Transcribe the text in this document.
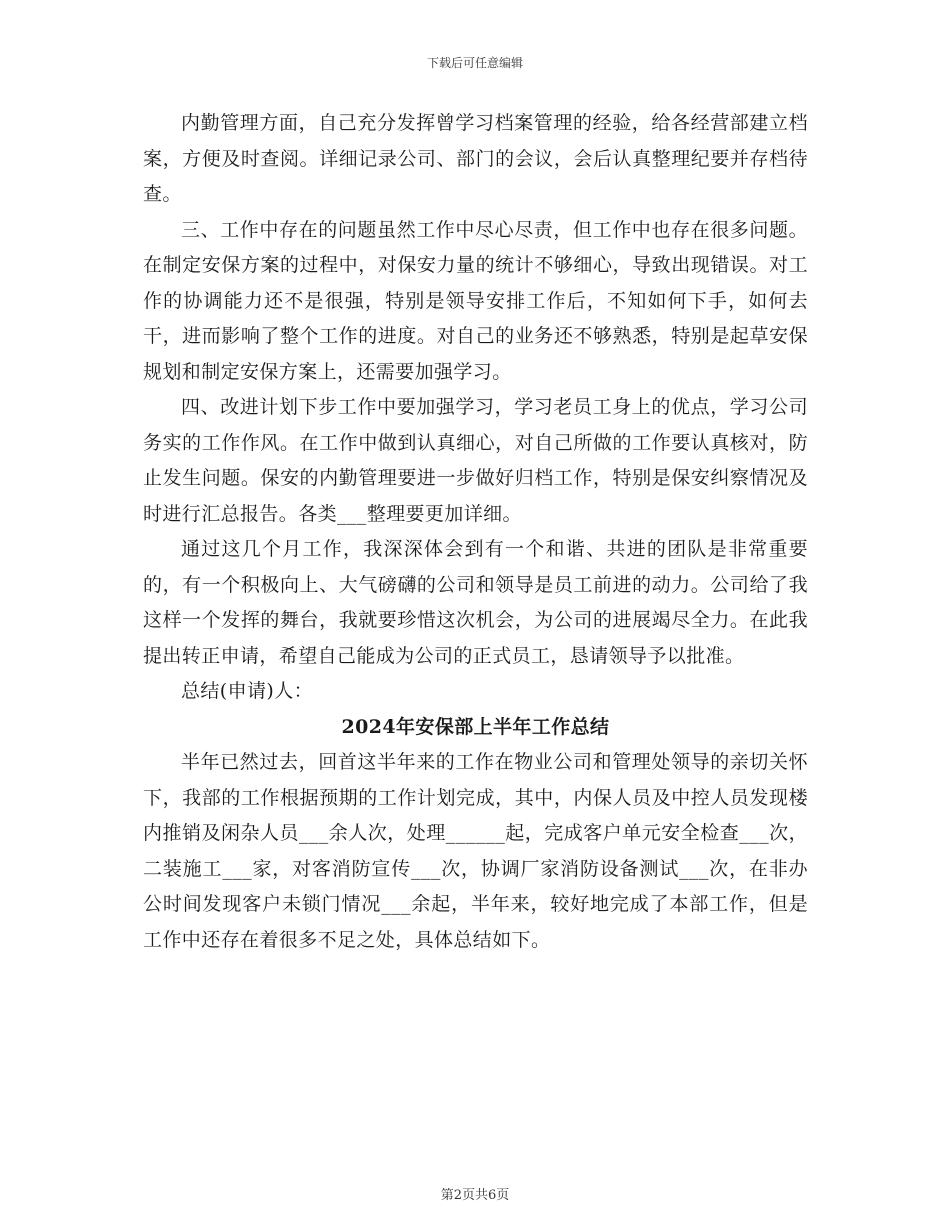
下载后可任意编辑

内勤管理方面，自己充分发挥曾学习档案管理的经验，给各经营部建立档案，方便及时查阅。详细记录公司、部门的会议，会后认真整理纪要并存档待查。

三、工作中存在的问题虽然工作中尽心尽责，但工作中也存在很多问题。在制定安保方案的过程中，对保安力量的统计不够细心，导致出现错误。对工作的协调能力还不是很强，特别是领导安排工作后，不知如何下手，如何去干，进而影响了整个工作的进度。对自己的业务还不够熟悉，特别是起草安保规划和制定安保方案上，还需要加强学习。

四、改进计划下步工作中要加强学习，学习老员工身上的优点，学习公司务实的工作作风。在工作中做到认真细心，对自己所做的工作要认真核对，防止发生问题。保安的内勤管理要进一步做好归档工作，特别是保安纠察情况及时进行汇总报告。各类___整理要更加详细。

通过这几个月工作，我深深体会到有一个和谐、共进的团队是非常重要的，有一个积极向上、大气磅礴的公司和领导是员工前进的动力。公司给了我这样一个发挥的舞台，我就要珍惜这次机会，为公司的进展竭尽全力。在此我提出转正申请，希望自己能成为公司的正式员工，恳请领导予以批准。

总结(申请)人：

2024年安保部上半年工作总结

半年已然过去，回首这半年来的工作在物业公司和管理处领导的亲切关怀下，我部的工作根据预期的工作计划完成，其中，内保人员及中控人员发现楼内推销及闲杂人员___余人次，处理______起，完成客户单元安全检查___次，二装施工___家，对客消防宣传___次，协调厂家消防设备测试___次，在非办公时间发现客户未锁门情况___余起，半年来，较好地完成了本部工作，但是工作中还存在着很多不足之处，具体总结如下。

第2页共6页
